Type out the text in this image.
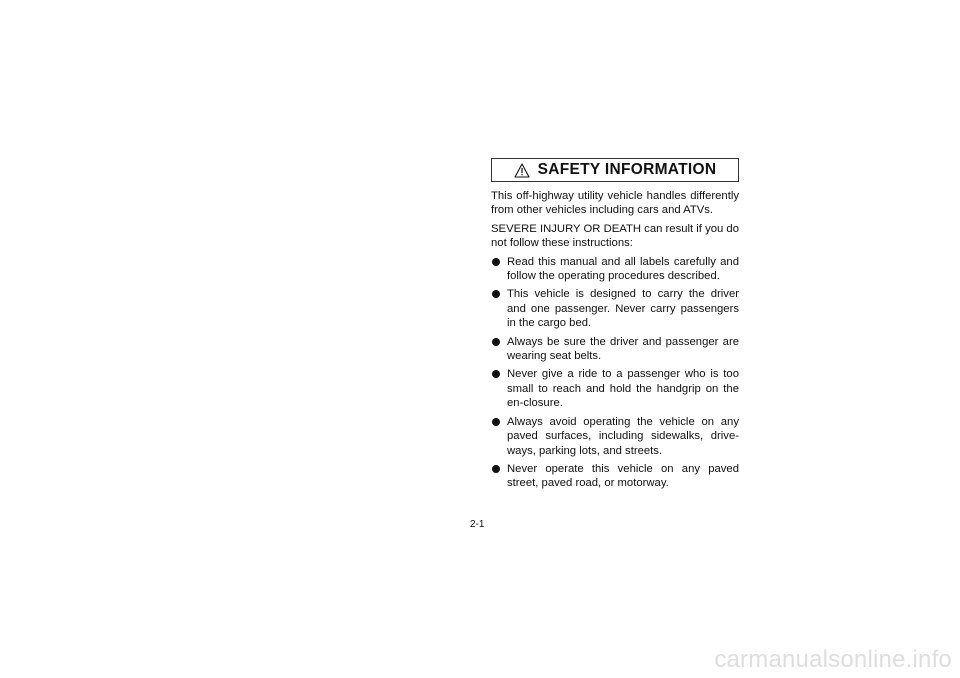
SAFETY INFORMATION

This off-highway utility vehicle handles differently from other vehicles including cars and ATVs.

SEVERE INJURY OR DEATH can result if you do not follow these instructions:

Read this manual and all labels carefully and follow the operating procedures described.
This vehicle is designed to carry the driver and one passenger. Never carry passengers in the cargo bed.
Always be sure the driver and passenger are wearing seat belts.
Never give a ride to a passenger who is too small to reach and hold the handgrip on the en-closure.
Always avoid operating the vehicle on any paved surfaces, including sidewalks, drive-ways, parking lots, and streets.
Never operate this vehicle on any paved street, paved road, or motorway.
2-1
carmanualsonline.info
